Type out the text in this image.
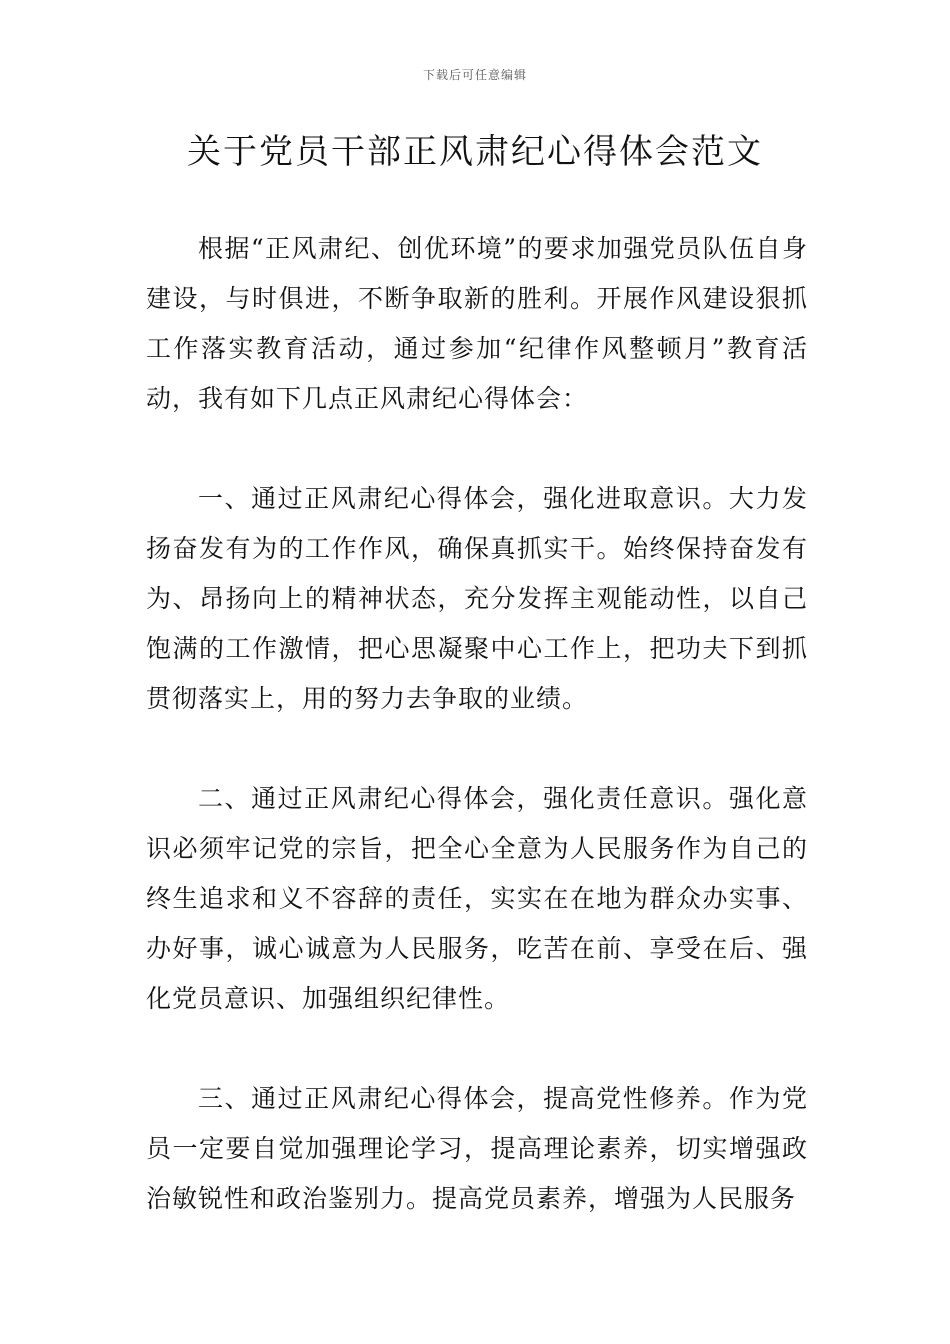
下载后可任意编辑
关于党员干部正风肃纪心得体会范文

根据“正风肃纪、创优环境”的要求加强党员队伍自身建设，与时俱进，不断争取新的胜利。开展作风建设狠抓工作落实教育活动，通过参加“纪律作风整顿月”教育活动，我有如下几点正风肃纪心得体会：

一、通过正风肃纪心得体会，强化进取意识。大力发扬奋发有为的工作作风，确保真抓实干。始终保持奋发有为、昂扬向上的精神状态，充分发挥主观能动性，以自己饱满的工作激情，把心思凝聚中心工作上，把功夫下到抓贯彻落实上，用的努力去争取的业绩。

二、通过正风肃纪心得体会，强化责任意识。强化意识必须牢记党的宗旨，把全心全意为人民服务作为自己的终生追求和义不容辞的责任，实实在在地为群众办实事、办好事，诚心诚意为人民服务，吃苦在前、享受在后、强化党员意识、加强组织纪律性。

三、通过正风肃纪心得体会，提高党性修养。作为党员一定要自觉加强理论学习，提高理论素养，切实增强政治敏锐性和政治鉴别力。提高党员素养，增强为人民服务
